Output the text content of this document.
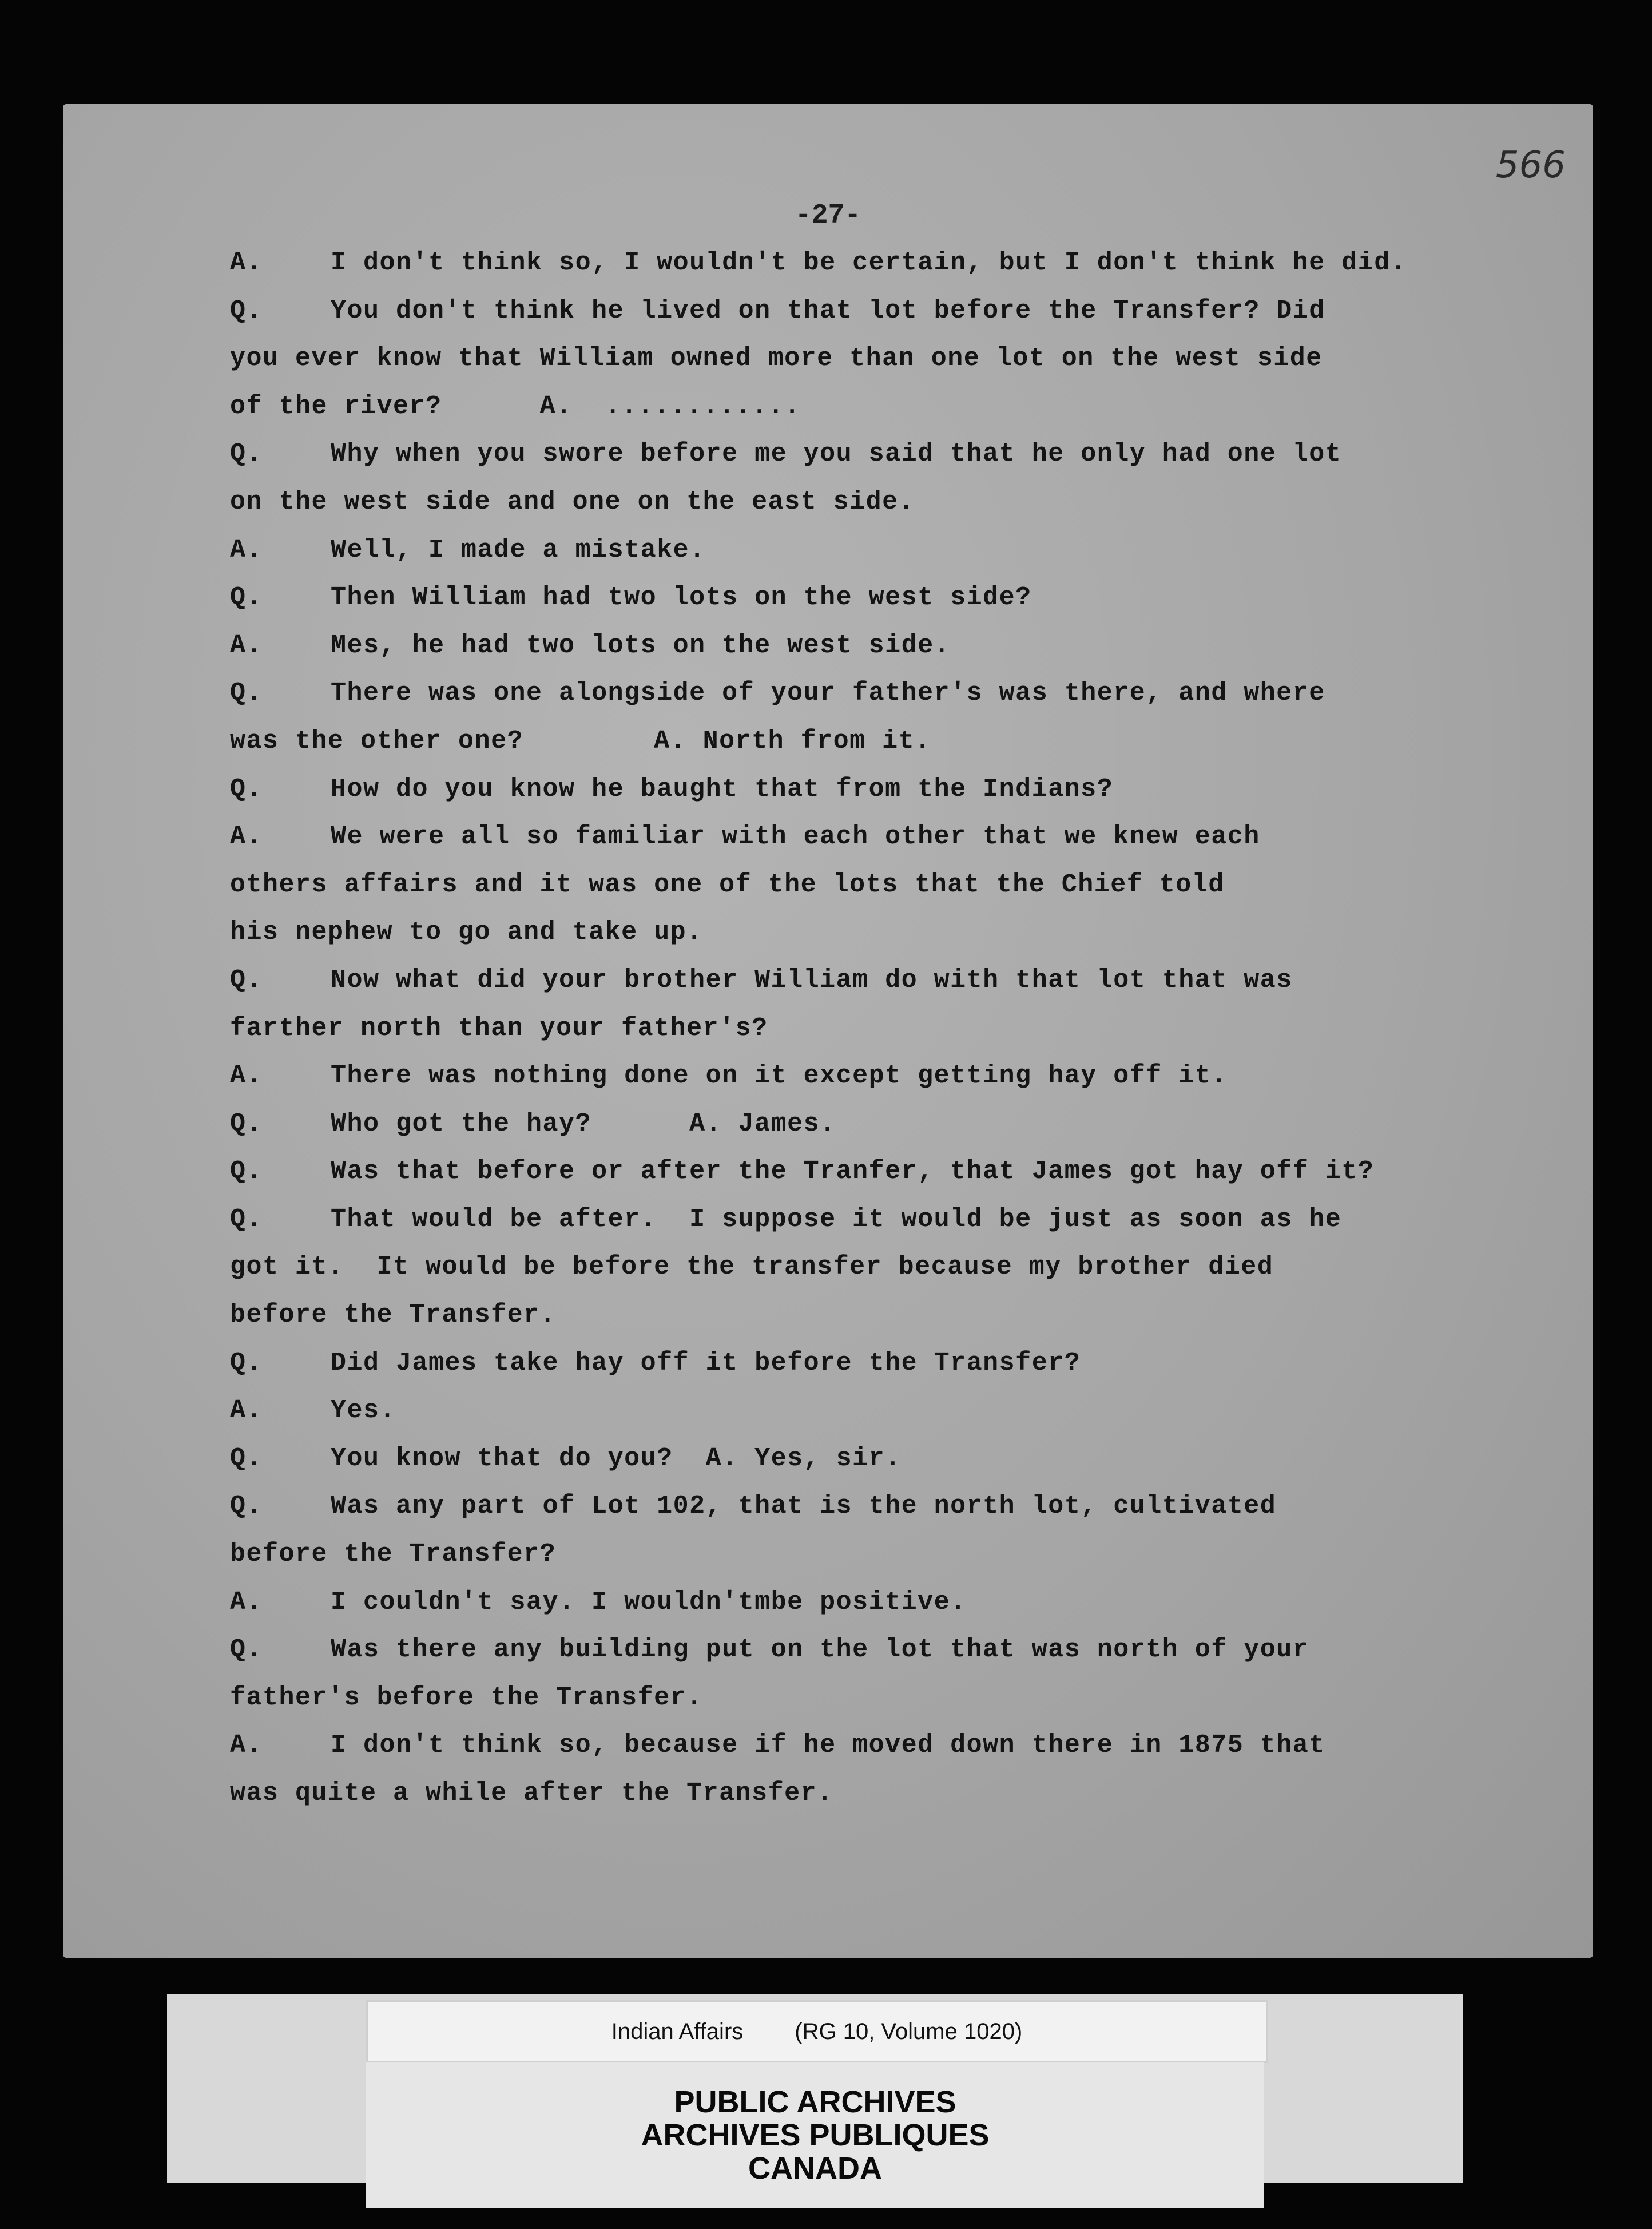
566
-27-
A.	I don't think so, I wouldn't be certain, but I don't think he did.
Q.	You don't think he lived on that lot before the Transfer? Did
you ever know that William owned more than one lot on the west side
of the river?      A.  ............
Q.	Why when you swore before me you said that he only had one lot
on the west side and one on the east side.
A.	Well, I made a mistake.
Q.	Then William had two lots on the west side?
A.	Mes, he had two lots on the west side.
Q.	There was one alongside of your father's was there, and where
was the other one?        A. North from it.
Q.	How do you know he baught that from the Indians?
A.	We were all so familiar with each other that we knew each
others affairs and it was one of the lots that the Chief told
his nephew to go and take up.
Q.	Now what did your brother William do with that lot that was
farther north than your father's?
A.	There was nothing done on it except getting hay off it.
Q.	Who got the hay?      A. James.
Q.	Was that before or after the Tranfer, that James got hay off it?
Q.	That would be after.  I suppose it would be just as soon as he
got it.  It would be before the transfer because my brother died
before the Transfer.
Q.	Did James take hay off it before the Transfer?
A.	Yes.
Q.	You know that do you?  A. Yes, sir.
Q.	Was any part of Lot 102, that is the north lot, cultivated
before the Transfer?
A.	I couldn't say. I wouldn'tmbe positive.
Q.	Was there any building put on the lot that was north of your
father's before the Transfer.
A.	I don't think so, because if he moved down there in 1875 that
was quite a while after the Transfer.
Indian Affairs (RG 10, Volume 1020)
PUBLIC ARCHIVES
ARCHIVES PUBLIQUES
CANADA
